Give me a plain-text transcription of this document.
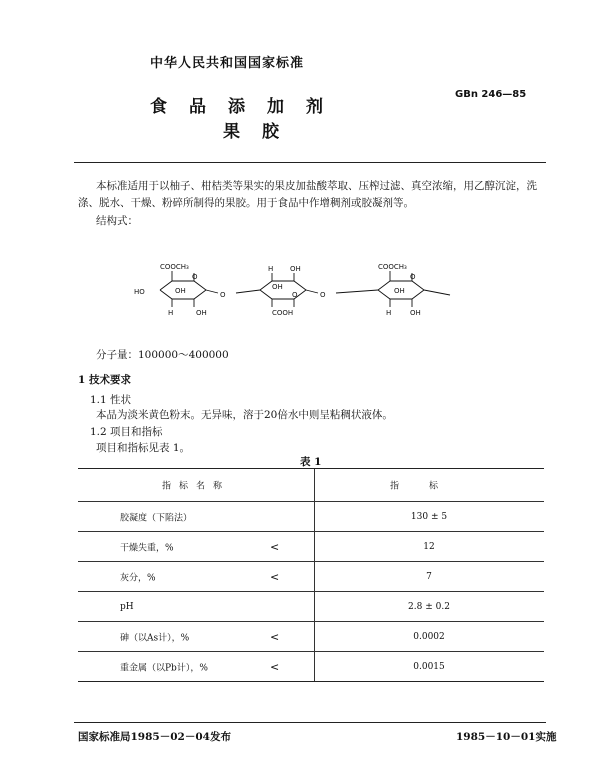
中华人民共和国国家标准
食品添加剂
果胶
GBn 246—85
本标准适用于以柚子、柑桔类等果实的果皮加盐酸萃取、压榨过滤、真空浓缩，用乙醇沉淀，洗涤、脱水、干燥、粉碎所制得的果胶。用于食品中作增稠剂或胶凝剂等。
结构式：
COOCH₃
HO
O
OH
H	OH
O
H OH
OH
O
COOH
O
COOCH₃
O
OH
H	OH
分子量：100000～400000
1 技术要求
1.1 性状
本品为淡米黄色粉末。无异味，溶于20倍水中则呈粘稠状液体。
1.2 项目和指标
项目和指标见表 1。
表 1
指标名称	指标
胶凝度（下陷法）	130 ± 5
干燥失重，%	<	12
灰分，%	<	7
pH	2.8 ± 0.2
砷（以As计），%	<	0.0002
重金属（以Pb计），%	<	0.0015
国家标准局1985－02－04发布	1985－10－01实施
